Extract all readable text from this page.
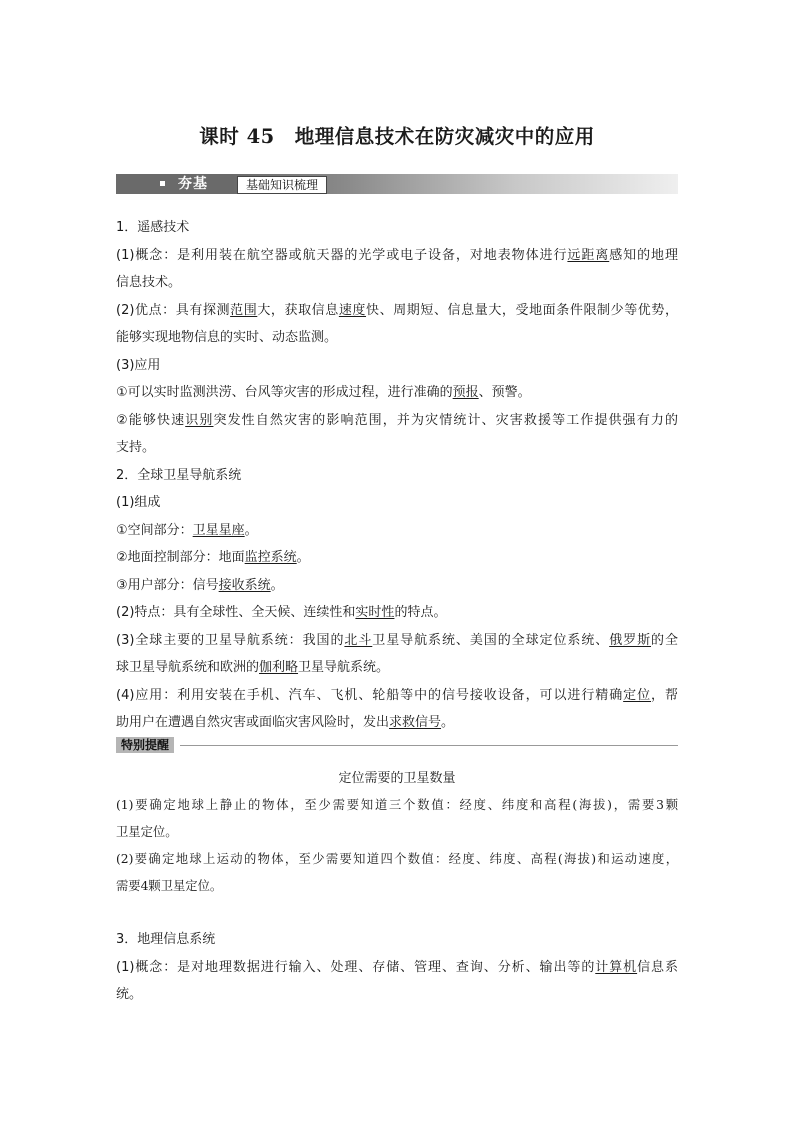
课时 45　地理信息技术在防灾减灾中的应用
夯基	基础知识梳理
1．遥感技术
(1)概念：是利用装在航空器或航天器的光学或电子设备，对地表物体进行远距离感知的地理
信息技术。
(2)优点：具有探测范围大，获取信息速度快、周期短、信息量大，受地面条件限制少等优势，
能够实现地物信息的实时、动态监测。
(3)应用
①可以实时监测洪涝、台风等灾害的形成过程，进行准确的预报、预警。
②能够快速识别突发性自然灾害的影响范围，并为灾情统计、灾害救援等工作提供强有力的
支持。
2．全球卫星导航系统
(1)组成
①空间部分：卫星星座。
②地面控制部分：地面监控系统。
③用户部分：信号接收系统。
(2)特点：具有全球性、全天候、连续性和实时性的特点。
(3)全球主要的卫星导航系统：我国的北斗卫星导航系统、美国的全球定位系统、俄罗斯的全
球卫星导航系统和欧洲的伽利略卫星导航系统。
(4)应用：利用安装在手机、汽车、飞机、轮船等中的信号接收设备，可以进行精确定位，帮
助用户在遭遇自然灾害或面临灾害风险时，发出求救信号。
特别提醒
定位需要的卫星数量
(1)要确定地球上静止的物体，至少需要知道三个数值：经度、纬度和高程(海拔)，需要3颗
卫星定位。
(2)要确定地球上运动的物体，至少需要知道四个数值：经度、纬度、高程(海拔)和运动速度，
需要4颗卫星定位。
3．地理信息系统
(1)概念：是对地理数据进行输入、处理、存储、管理、查询、分析、输出等的计算机信息系
统。
